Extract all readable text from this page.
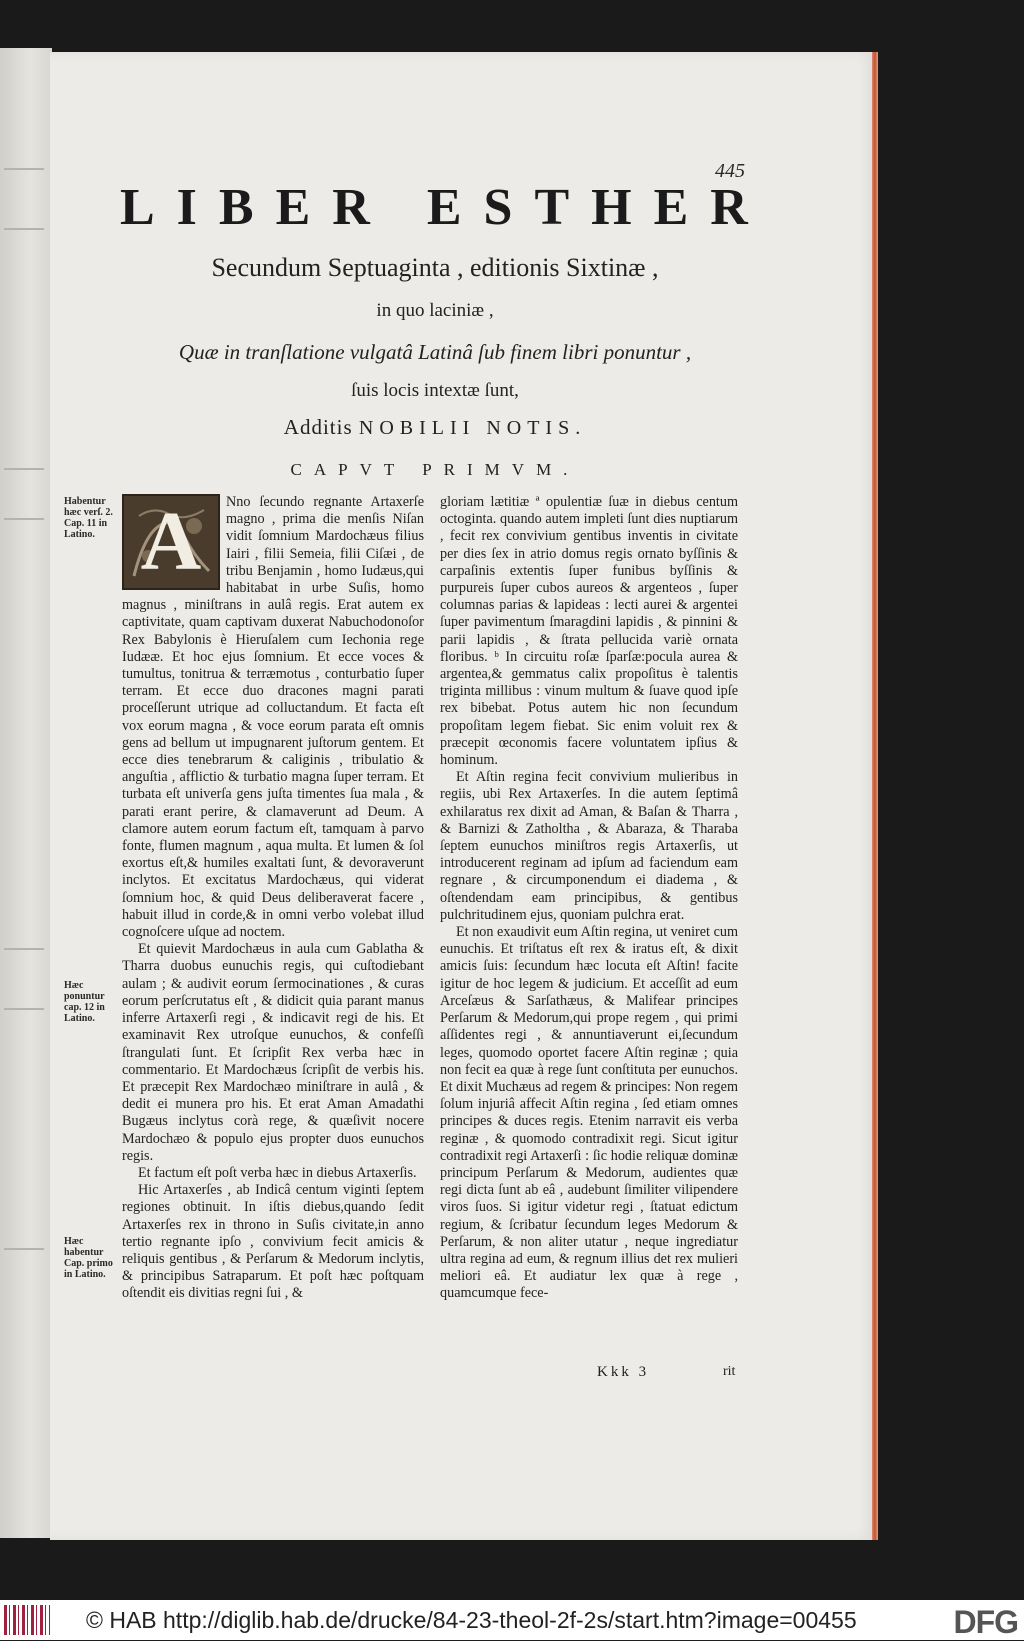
445
LIBER ESTHER
Secundum Septuaginta , editionis Sixtinæ ,
in quo laciniæ ,
Quæ in tranſlatione vulgatâ Latinâ ſub finem libri ponuntur ,
ſuis locis intextæ ſunt,
Additis NOBILII NOTIS.
CAPVT PRIMVM.
Habentur hæc verſ. 2. Cap. 11 in Latino.
Hæc ponuntur cap. 12 in Latino.
Hæc habentur Cap. primo in Latino.
A	Nno ſecundo regnante Artaxerſe magno , prima die menſis Niſan vidit ſomnium Mardochæus filius Iairi , filii Semeia, filii Ciſæi , de tribu Benjamin , homo Iudæus,qui habitabat in urbe Suſis, homo magnus , miniſtrans in aulâ regis. Erat autem ex captivitate, quam captivam duxerat Nabuchodonoſor Rex Babylonis è Hieruſalem cum Iechonia rege Iudææ. Et hoc ejus ſomnium. Et ecce voces & tumultus, tonitrua & terræmotus , conturbatio ſuper terram. Et ecce duo dracones magni parati proceſſerunt utrique ad colluctandum. Et facta eſt vox eorum magna , & voce eorum parata eſt omnis gens ad bellum ut impugnarent juſtorum gentem. Et ecce dies tenebrarum & caliginis , tribulatio & anguſtia , afflictio & turbatio magna ſuper terram. Et turbata eſt univerſa gens juſta timentes ſua mala , & parati erant perire, & clamaverunt ad Deum. A clamore autem eorum factum eſt, tamquam à parvo fonte, flumen magnum , aqua multa. Et lumen & ſol exortus eſt,& humiles exaltati ſunt, & devoraverunt inclytos. Et excitatus Mardochæus, qui viderat ſomnium hoc, & quid Deus deliberaverat facere , habuit illud in corde,& in omni verbo volebat illud cognoſcere uſque ad noctem.

Et quievit Mardochæus in aula cum Gablatha & Tharra duobus eunuchis regis, qui cuſtodiebant aulam ; & audivit eorum ſermocinationes , & curas eorum perſcrutatus eſt , & didicit quia parant manus inferre Artaxerſi regi , & indicavit regi de his. Et examinavit Rex utroſque eunuchos, & confeſſi ſtrangulati ſunt. Et ſcripſit Rex verba hæc in commentario. Et Mardochæus ſcripſit de verbis his. Et præcepit Rex Mardochæo miniſtrare in aulâ , & dedit ei munera pro his. Et erat Aman Amadathi Bugæus inclytus corà rege, & quæſivit nocere Mardochæo & populo ejus propter duos eunuchos regis.

Et factum eſt poſt verba hæc in diebus Artaxerſis.

Hic Artaxerſes , ab Indicâ centum viginti ſeptem regiones obtinuit. In iſtis diebus,quando ſedit Artaxerſes rex in throno in Suſis civitate,in anno tertio regnante ipſo , convivium fecit amicis & reliquis gentibus , & Perſarum & Medorum inclytis, & principibus Satraparum. Et poſt hæc poſtquam oſtendit eis divitias regni ſui , &

gloriam lætitiæ ª opulentiæ ſuæ in diebus centum octoginta. quando autem impleti ſunt dies nuptiarum , fecit rex convivium gentibus inventis in civitate per dies ſex in atrio domus regis ornato byſſinis & carpaſinis extentis ſuper funibus byſſinis & purpureis ſuper cubos aureos & argenteos , ſuper columnas parias & lapideas : lecti aurei & argentei ſuper pavimentum ſmaragdini lapidis , & pinnini & parii lapidis , & ſtrata pellucida variè ornata floribus. ᵇ In circuitu roſæ ſparſæ:pocula aurea & argentea,& gemmatus calix propoſitus è talentis triginta millibus : vinum multum & ſuave quod ipſe rex bibebat. Potus autem hic non ſecundum propoſitam legem fiebat. Sic enim voluit rex & præcepit œconomis facere voluntatem ipſius & hominum.

Et Aſtin regina fecit convivium mulieribus in regiis, ubi Rex Artaxerſes. In die autem ſeptimâ exhilaratus rex dixit ad Aman, & Baſan & Tharra , & Barnizi & Zatholtha , & Abaraza, & Tharaba ſeptem eunuchos miniſtros regis Artaxerſis, ut introducerent reginam ad ipſum ad faciendum eam regnare , & circumponendum ei diadema , & oſtendendam eam principibus, & gentibus pulchritudinem ejus, quoniam pulchra erat.

Et non exaudivit eum Aſtin regina, ut veniret cum eunuchis. Et triſtatus eſt rex & iratus eſt, & dixit amicis ſuis: ſecundum hæc locuta eſt Aſtin! facite igitur de hoc legem & judicium. Et acceſſit ad eum Arceſæus & Sarſathæus, & Malifear principes Perſarum & Medorum,qui prope regem , qui primi aſſidentes regi , & annuntiaverunt ei,ſecundum leges, quomodo oportet facere Aſtin reginæ ; quia non fecit ea quæ à rege ſunt conſtituta per eunuchos. Et dixit Muchæus ad regem & principes: Non regem ſolum injuriâ affecit Aſtin regina , ſed etiam omnes principes & duces regis. Etenim narravit eis verba reginæ , & quomodo contradixit regi. Sicut igitur contradixit regi Artaxerſi : ſic hodie reliquæ dominæ principum Perſarum & Medorum, audientes quæ regi dicta ſunt ab eâ , audebunt ſimiliter vilipendere viros ſuos. Si igitur videtur regi , ſtatuat edictum regium, & ſcribatur ſecundum leges Medorum & Perſarum, & non aliter utatur , neque ingrediatur ultra regina ad eum, & regnum illius det rex mulieri meliori eâ. Et audiatur lex quæ à rege , quamcumque fece-

Kkk 3	rit
© HAB http://diglib.hab.de/drucke/84-23-theol-2f-2s/start.htm?image=00455	DFG
